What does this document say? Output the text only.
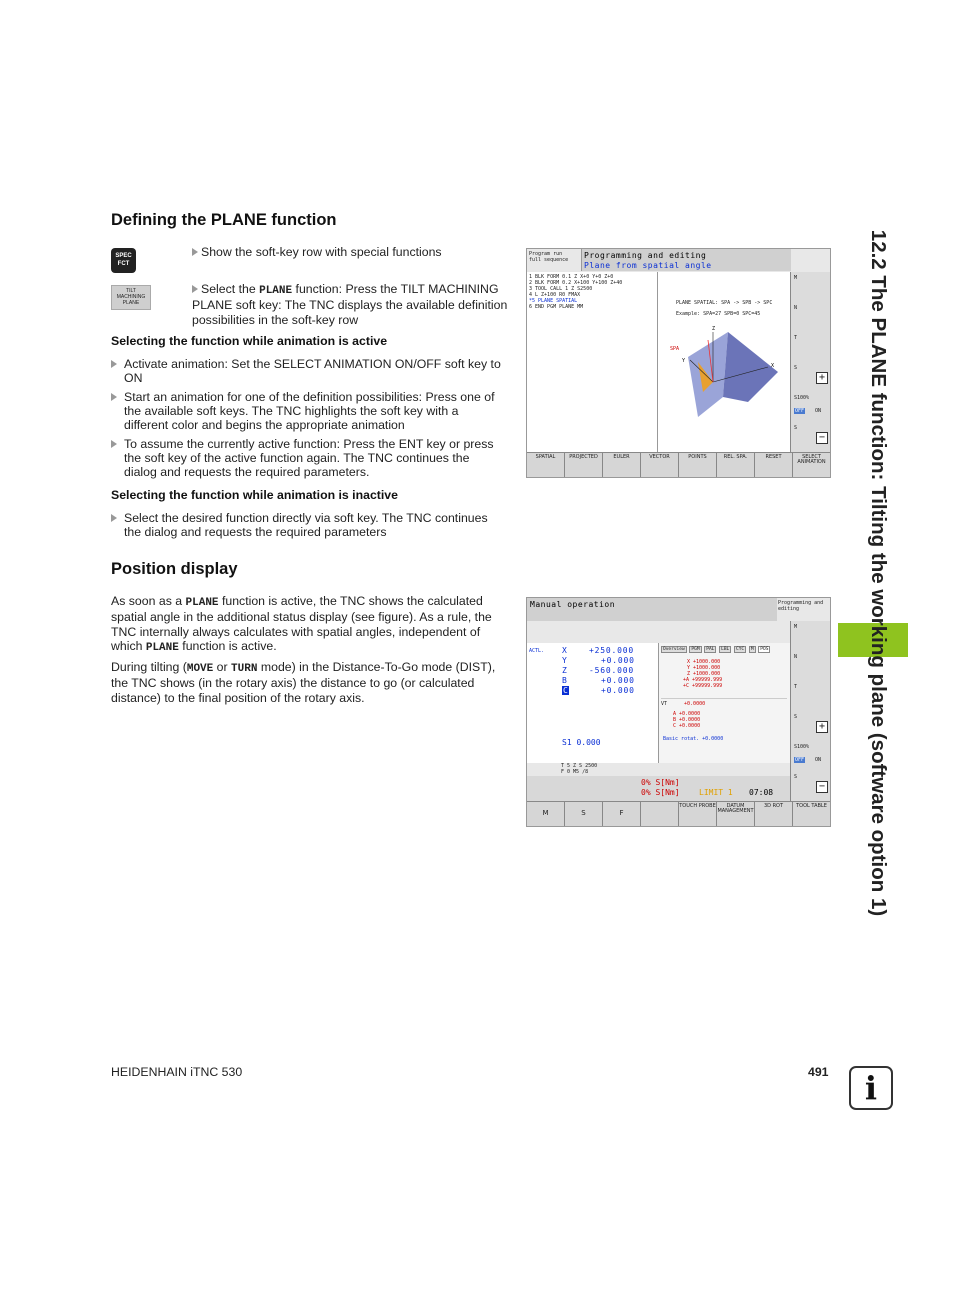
12.2 The PLANE function: Tilting the working plane (software option 1)
Defining the PLANE function
SPEC FCT
Show the soft-key row with special functions
TILT MACHINING PLANE
Select the PLANE function: Press the TILT MACHINING PLANE soft key: The TNC displays the available definition possibilities in the soft-key row
Selecting the function while animation is active
Activate animation: Set the SELECT ANIMATION ON/OFF soft key to ON
Start an animation for one of the definition possibilities: Press one of the available soft keys. The TNC highlights the soft key with a different color and begins the appropriate animation
To assume the currently active function: Press the ENT key or press the soft key of the active function again. The TNC continues the dialog and requests the required parameters.
Selecting the function while animation is inactive
Select the desired function directly via soft key. The TNC continues the dialog and requests the required parameters
Position display
As soon as a PLANE function is active, the TNC shows the calculated spatial angle in the additional status display (see figure). As a rule, the TNC internally always calculates with spatial angles, independent of which PLANE function is active.
During tilting (MOVE or TURN mode) in the Distance-To-Go mode (DIST), the TNC shows (in the rotary axis) the distance to go (or calculated distance) to the final position of the rotary axis.
Program run full sequence	Programming and editing
Plane from spatial angle
1 BLK FORM 0.1 Z X+0 Y+0 Z+0
2 BLK FORM 0.2 X+100 Y+100 Z+40
3 TOOL CALL 1 Z S2500
4 L Z+100 R0 FMAX
*5 PLANE SPATIAL
6 END PGM PLANE MM
PLANE SPATIAL: SPA -> SPB -> SPC
Example: SPA=27 SPB=0 SPC=45
Z
SPA
Y
X
M
N
T
S
+
S100%
OFF ON
S
−
SPATIAL	PROJECTED	EULER	VECTOR	POINTS	REL. SPA.	RESET	SELECT ANIMATION
Manual operation	Programming and editing
ACTL. X	+250.000
Y	+0.000
Z	-560.000
B	+0.000
C	+0.000
S1 0.000
Overview PGM PAL LBL CYC M POS
X +1000.000
Y +1000.000
Z +1000.000
+A +99999.999
+C +99999.999
VT	+0.0000
A +0.0000
B +0.0000
C +0.0000
Basic rotat. +0.0000
T 5 Z S 2500
F 0 M5 /8
0% S[Nm]
0% S[Nm] LIMIT 1 07:08
M
N
T
S
+
S100%
OFF ON
S
−
M	S	F
TOUCH PROBE	DATUM MANAGEMENT
3D ROT	TOOL TABLE
HEIDENHAIN iTNC 530	491	i
